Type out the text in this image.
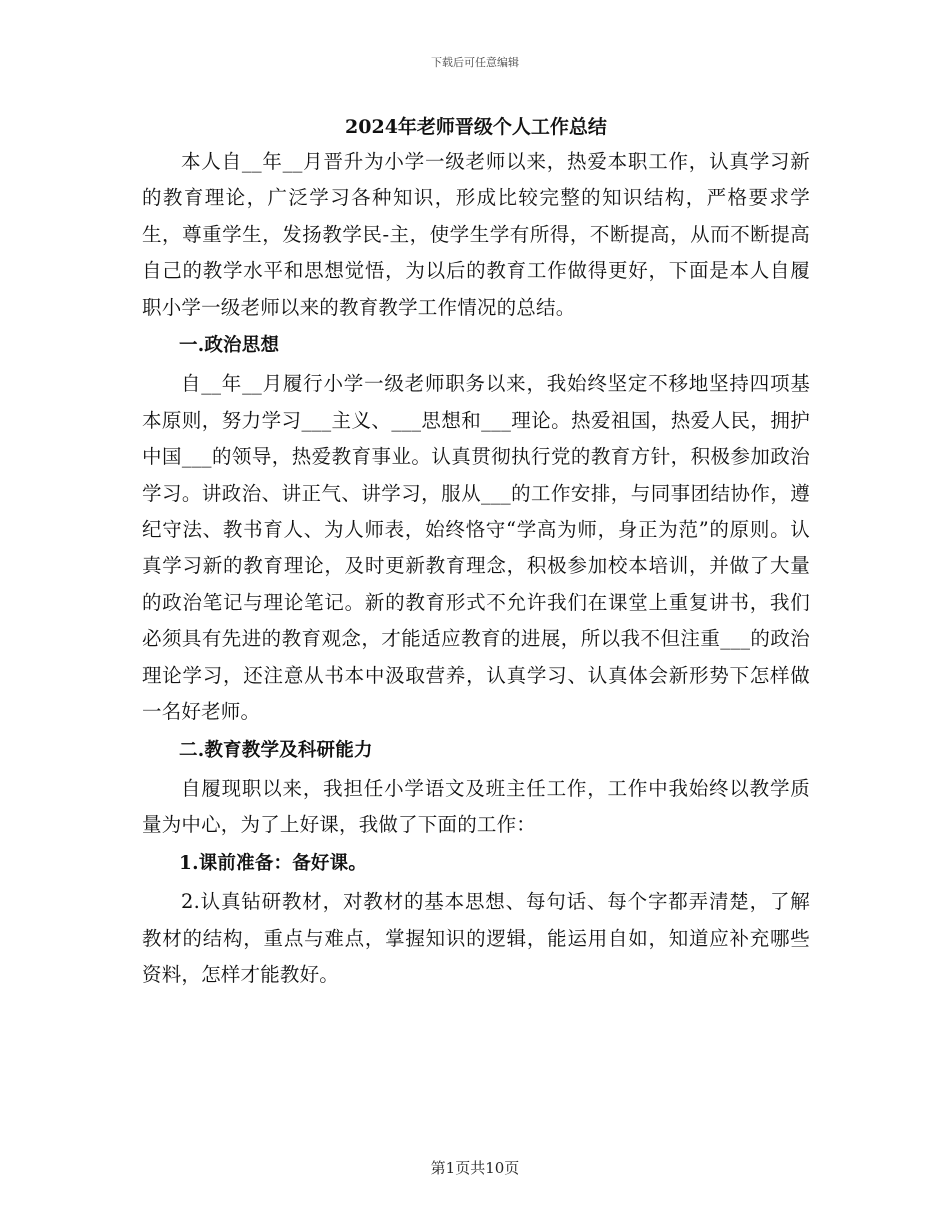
下载后可任意编辑
2024年老师晋级个人工作总结

本人自__年__月晋升为小学一级老师以来，热爱本职工作，认真学习新的教育理论，广泛学习各种知识，形成比较完整的知识结构，严格要求学生，尊重学生，发扬教学民-主，使学生学有所得，不断提高，从而不断提高自己的教学水平和思想觉悟，为以后的教育工作做得更好，下面是本人自履职小学一级老师以来的教育教学工作情况的总结。

一.政治思想

自__年__月履行小学一级老师职务以来，我始终坚定不移地坚持四项基本原则，努力学习___主义、___思想和___理论。热爱祖国，热爱人民，拥护中国___的领导，热爱教育事业。认真贯彻执行党的教育方针，积极参加政治学习。讲政治、讲正气、讲学习，服从___的工作安排，与同事团结协作，遵纪守法、教书育人、为人师表，始终恪守“学高为师，身正为范”的原则。认真学习新的教育理论，及时更新教育理念，积极参加校本培训，并做了大量的政治笔记与理论笔记。新的教育形式不允许我们在课堂上重复讲书，我们必须具有先进的教育观念，才能适应教育的进展，所以我不但注重___的政治理论学习，还注意从书本中汲取营养，认真学习、认真体会新形势下怎样做一名好老师。

二.教育教学及科研能力

自履现职以来，我担任小学语文及班主任工作，工作中我始终以教学质量为中心，为了上好课，我做了下面的工作：

1.课前准备：备好课。

2.认真钻研教材，对教材的基本思想、每句话、每个字都弄清楚，了解教材的结构，重点与难点，掌握知识的逻辑，能运用自如，知道应补充哪些资料，怎样才能教好。

第1页共10页
